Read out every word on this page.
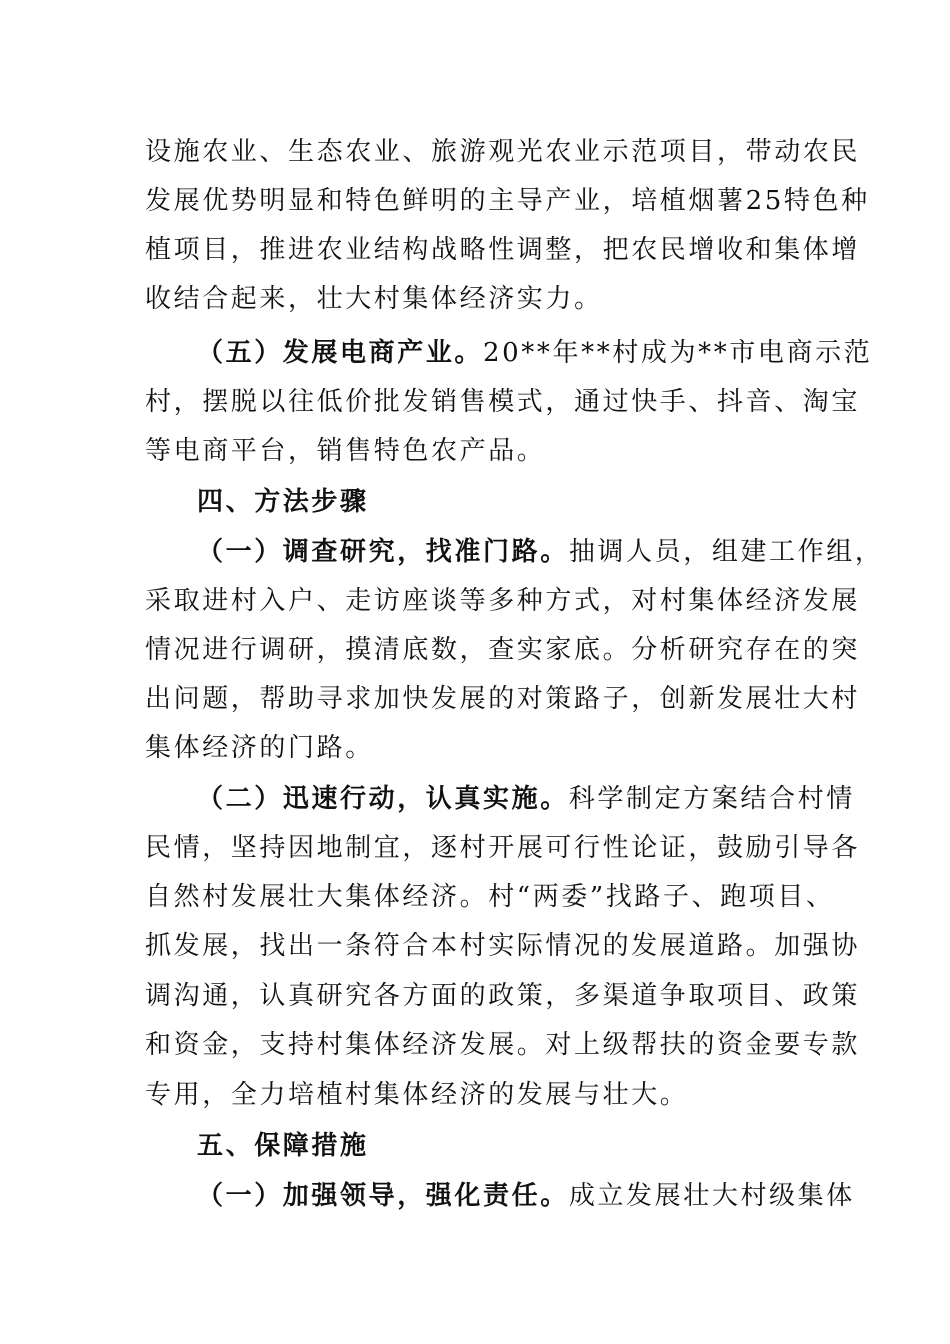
设施农业、生态农业、旅游观光农业示范项目，带动农民
发展优势明显和特色鲜明的主导产业，培植烟薯25特色种
植项目，推进农业结构战略性调整，把农民增收和集体增
收结合起来，壮大村集体经济实力。
（五）发展电商产业。20**年**村成为**市电商示范
村，摆脱以往低价批发销售模式，通过快手、抖音、淘宝
等电商平台，销售特色农产品。
四、方法步骤
（一）调查研究，找准门路。抽调人员，组建工作组，
采取进村入户、走访座谈等多种方式，对村集体经济发展
情况进行调研，摸清底数，查实家底。分析研究存在的突
出问题，帮助寻求加快发展的对策路子，创新发展壮大村
集体经济的门路。
（二）迅速行动，认真实施。科学制定方案结合村情
民情，坚持因地制宜，逐村开展可行性论证，鼓励引导各
自然村发展壮大集体经济。村“两委”找路子、跑项目、
抓发展，找出一条符合本村实际情况的发展道路。加强协
调沟通，认真研究各方面的政策，多渠道争取项目、政策
和资金，支持村集体经济发展。对上级帮扶的资金要专款
专用，全力培植村集体经济的发展与壮大。
五、保障措施
（一）加强领导，强化责任。成立发展壮大村级集体
